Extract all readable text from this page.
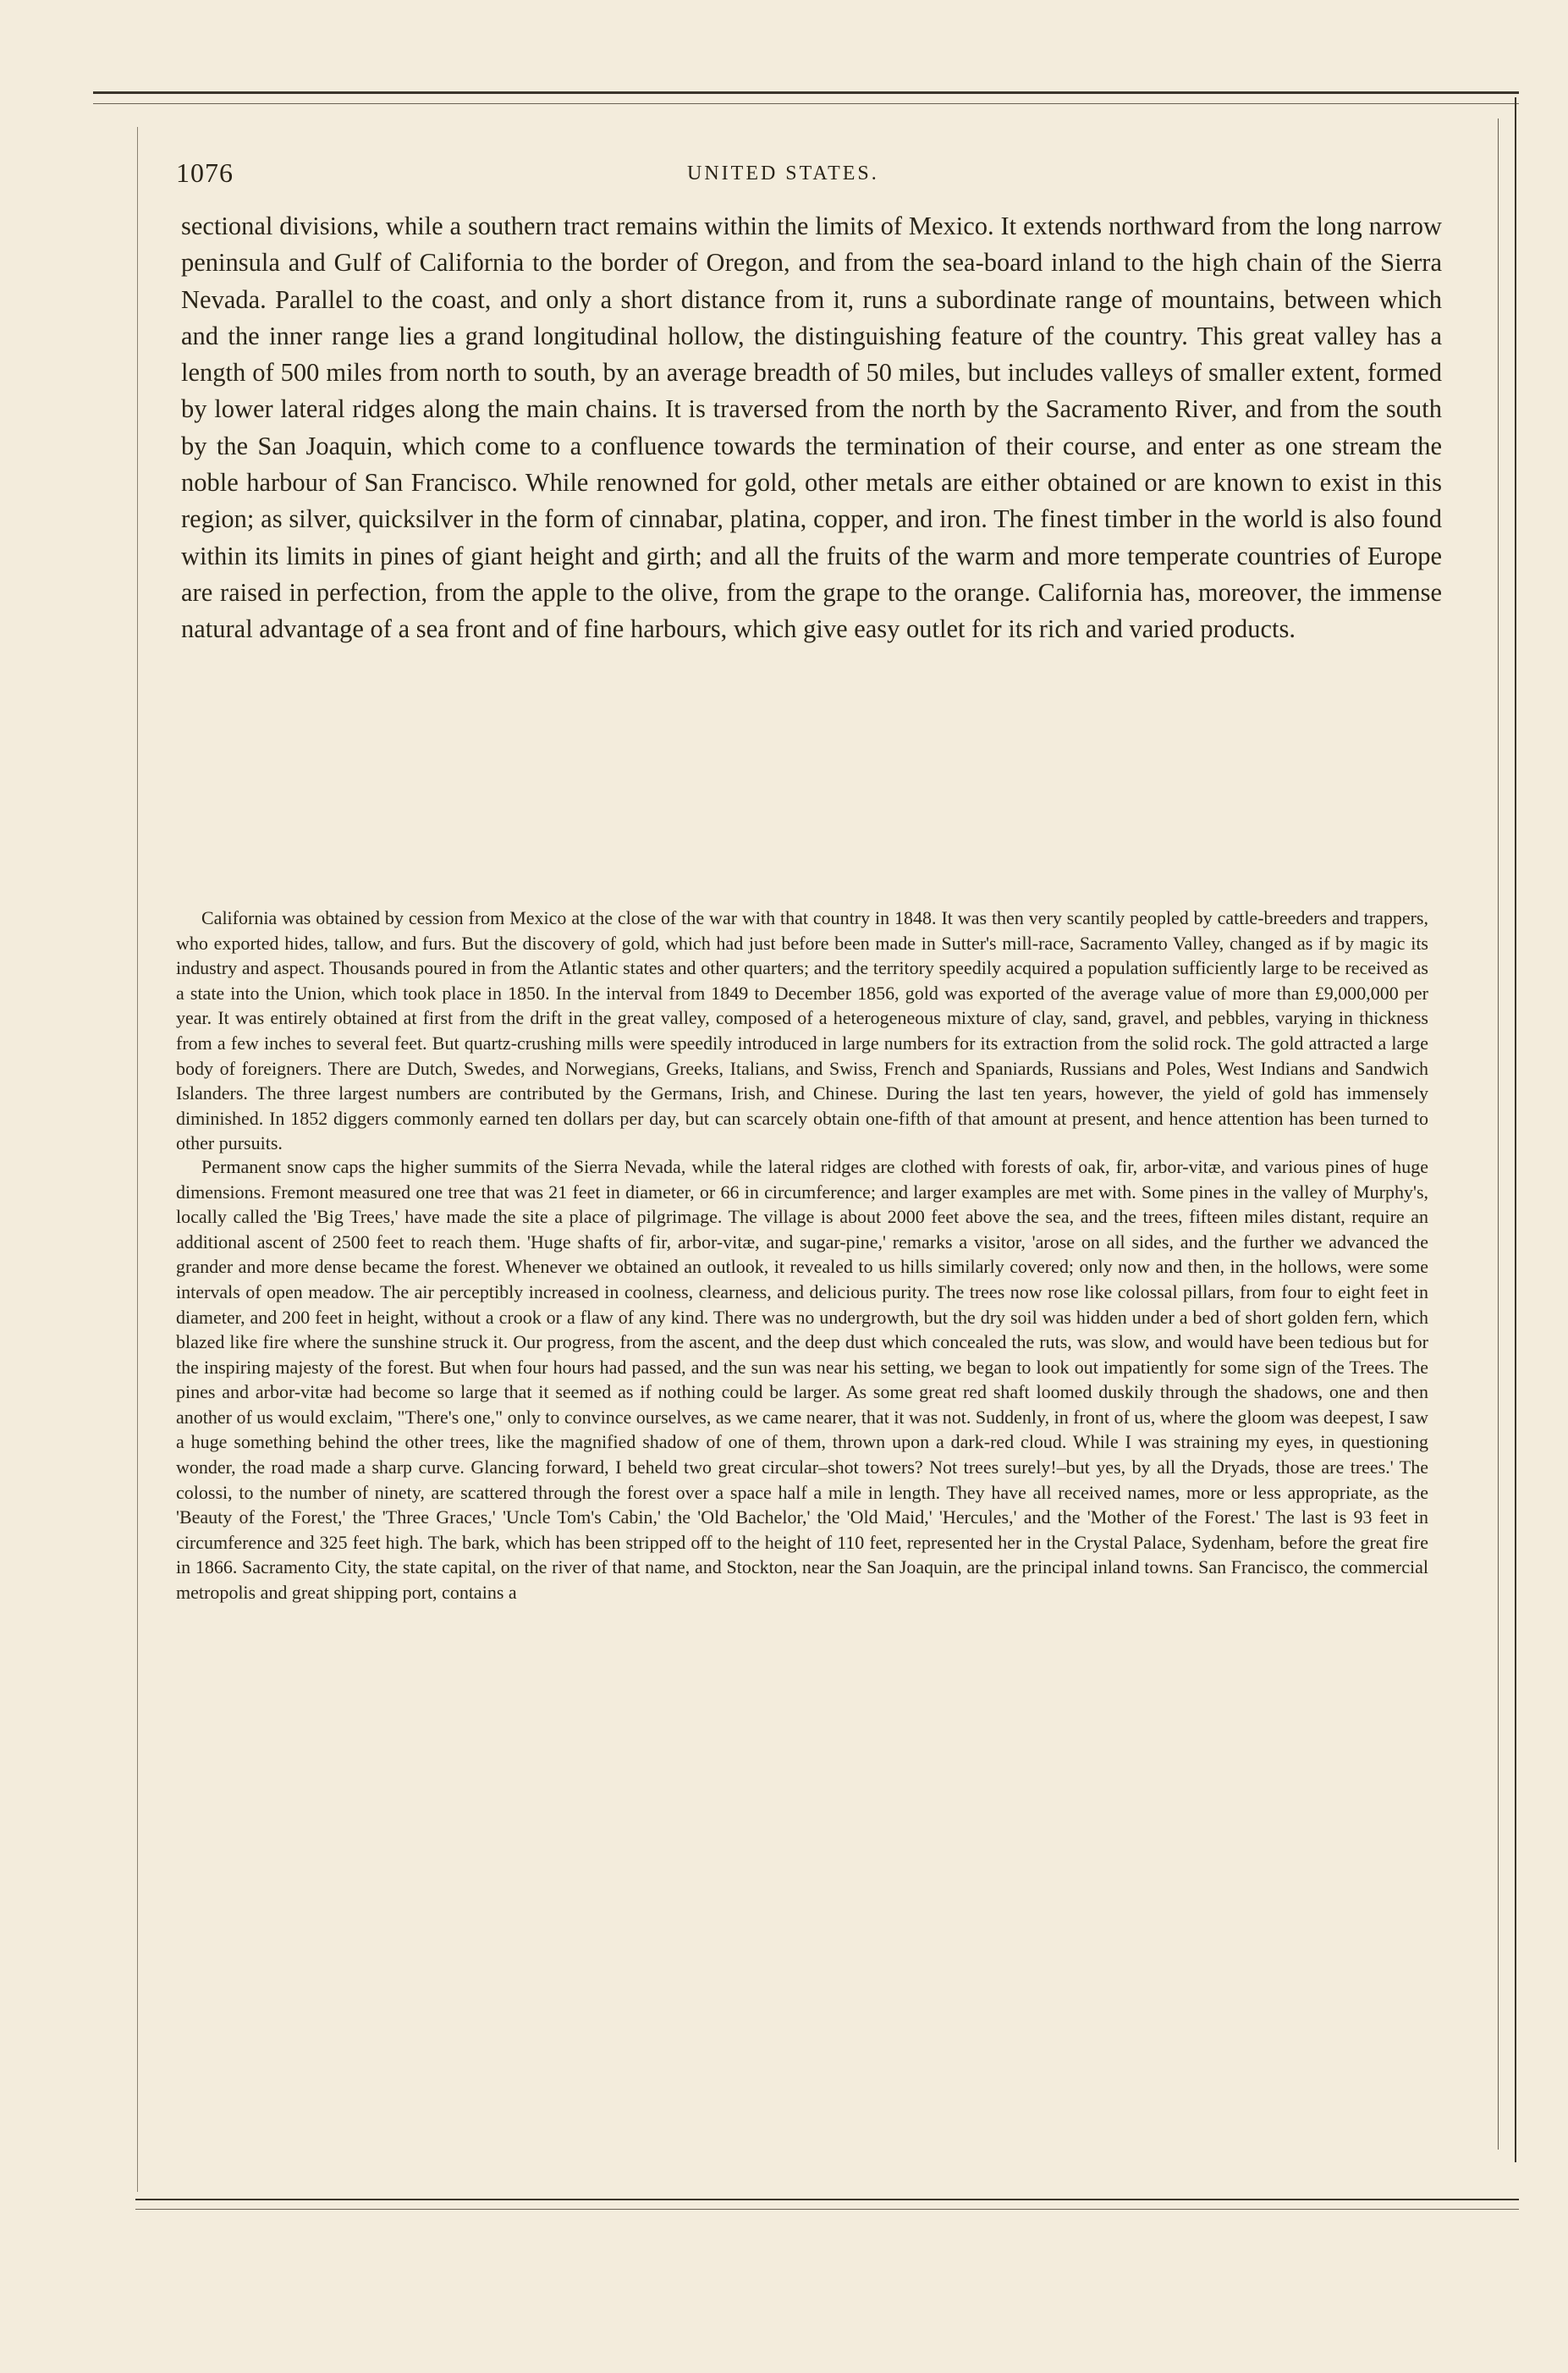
1076	UNITED STATES.

sectional divisions, while a southern tract remains within the limits of Mexico. It extends northward from the long narrow peninsula and Gulf of California to the border of Oregon, and from the sea-board inland to the high chain of the Sierra Nevada. Parallel to the coast, and only a short distance from it, runs a subordinate range of mountains, between which and the inner range lies a grand longitudinal hollow, the distinguishing feature of the country. This great valley has a length of 500 miles from north to south, by an average breadth of 50 miles, but includes valleys of smaller extent, formed by lower lateral ridges along the main chains. It is traversed from the north by the Sacramento River, and from the south by the San Joaquin, which come to a confluence towards the termination of their course, and enter as one stream the noble harbour of San Francisco. While renowned for gold, other metals are either obtained or are known to exist in this region; as silver, quicksilver in the form of cinnabar, platina, copper, and iron. The finest timber in the world is also found within its limits in pines of giant height and girth; and all the fruits of the warm and more temperate countries of Europe are raised in perfection, from the apple to the olive, from the grape to the orange. California has, moreover, the immense natural advantage of a sea front and of fine harbours, which give easy outlet for its rich and varied products.

California was obtained by cession from Mexico at the close of the war with that country in 1848. It was then very scantily peopled by cattle-breeders and trappers, who exported hides, tallow, and furs. But the discovery of gold, which had just before been made in Sutter's mill-race, Sacramento Valley, changed as if by magic its industry and aspect. Thousands poured in from the Atlantic states and other quarters; and the territory speedily acquired a population sufficiently large to be received as a state into the Union, which took place in 1850. In the interval from 1849 to December 1856, gold was exported of the average value of more than £9,000,000 per year. It was entirely obtained at first from the drift in the great valley, composed of a heterogeneous mixture of clay, sand, gravel, and pebbles, varying in thickness from a few inches to several feet. But quartz-crushing mills were speedily introduced in large numbers for its extraction from the solid rock. The gold attracted a large body of foreigners. There are Dutch, Swedes, and Norwegians, Greeks, Italians, and Swiss, French and Spaniards, Russians and Poles, West Indians and Sandwich Islanders. The three largest numbers are contributed by the Germans, Irish, and Chinese. During the last ten years, however, the yield of gold has immensely diminished. In 1852 diggers commonly earned ten dollars per day, but can scarcely obtain one-fifth of that amount at present, and hence attention has been turned to other pursuits.

Permanent snow caps the higher summits of the Sierra Nevada, while the lateral ridges are clothed with forests of oak, fir, arbor-vitæ, and various pines of huge dimensions. Fremont measured one tree that was 21 feet in diameter, or 66 in circumference; and larger examples are met with. Some pines in the valley of Murphy's, locally called the 'Big Trees,' have made the site a place of pilgrimage. The village is about 2000 feet above the sea, and the trees, fifteen miles distant, require an additional ascent of 2500 feet to reach them. 'Huge shafts of fir, arbor-vitæ, and sugar-pine,' remarks a visitor, 'arose on all sides, and the further we advanced the grander and more dense became the forest. Whenever we obtained an outlook, it revealed to us hills similarly covered; only now and then, in the hollows, were some intervals of open meadow. The air perceptibly increased in coolness, clearness, and delicious purity. The trees now rose like colossal pillars, from four to eight feet in diameter, and 200 feet in height, without a crook or a flaw of any kind. There was no undergrowth, but the dry soil was hidden under a bed of short golden fern, which blazed like fire where the sunshine struck it. Our progress, from the ascent, and the deep dust which concealed the ruts, was slow, and would have been tedious but for the inspiring majesty of the forest. But when four hours had passed, and the sun was near his setting, we began to look out impatiently for some sign of the Trees. The pines and arbor-vitæ had become so large that it seemed as if nothing could be larger. As some great red shaft loomed duskily through the shadows, one and then another of us would exclaim, "There's one," only to convince ourselves, as we came nearer, that it was not. Suddenly, in front of us, where the gloom was deepest, I saw a huge something behind the other trees, like the magnified shadow of one of them, thrown upon a dark-red cloud. While I was straining my eyes, in questioning wonder, the road made a sharp curve. Glancing forward, I beheld two great circular–shot towers? Not trees surely!–but yes, by all the Dryads, those are trees.' The colossi, to the number of ninety, are scattered through the forest over a space half a mile in length. They have all received names, more or less appropriate, as the 'Beauty of the Forest,' the 'Three Graces,' 'Uncle Tom's Cabin,' the 'Old Bachelor,' the 'Old Maid,' 'Hercules,' and the 'Mother of the Forest.' The last is 93 feet in circumference and 325 feet high. The bark, which has been stripped off to the height of 110 feet, represented her in the Crystal Palace, Sydenham, before the great fire in 1866. Sacramento City, the state capital, on the river of that name, and Stockton, near the San Joaquin, are the principal inland towns. San Francisco, the commercial metropolis and great shipping port, contains a
